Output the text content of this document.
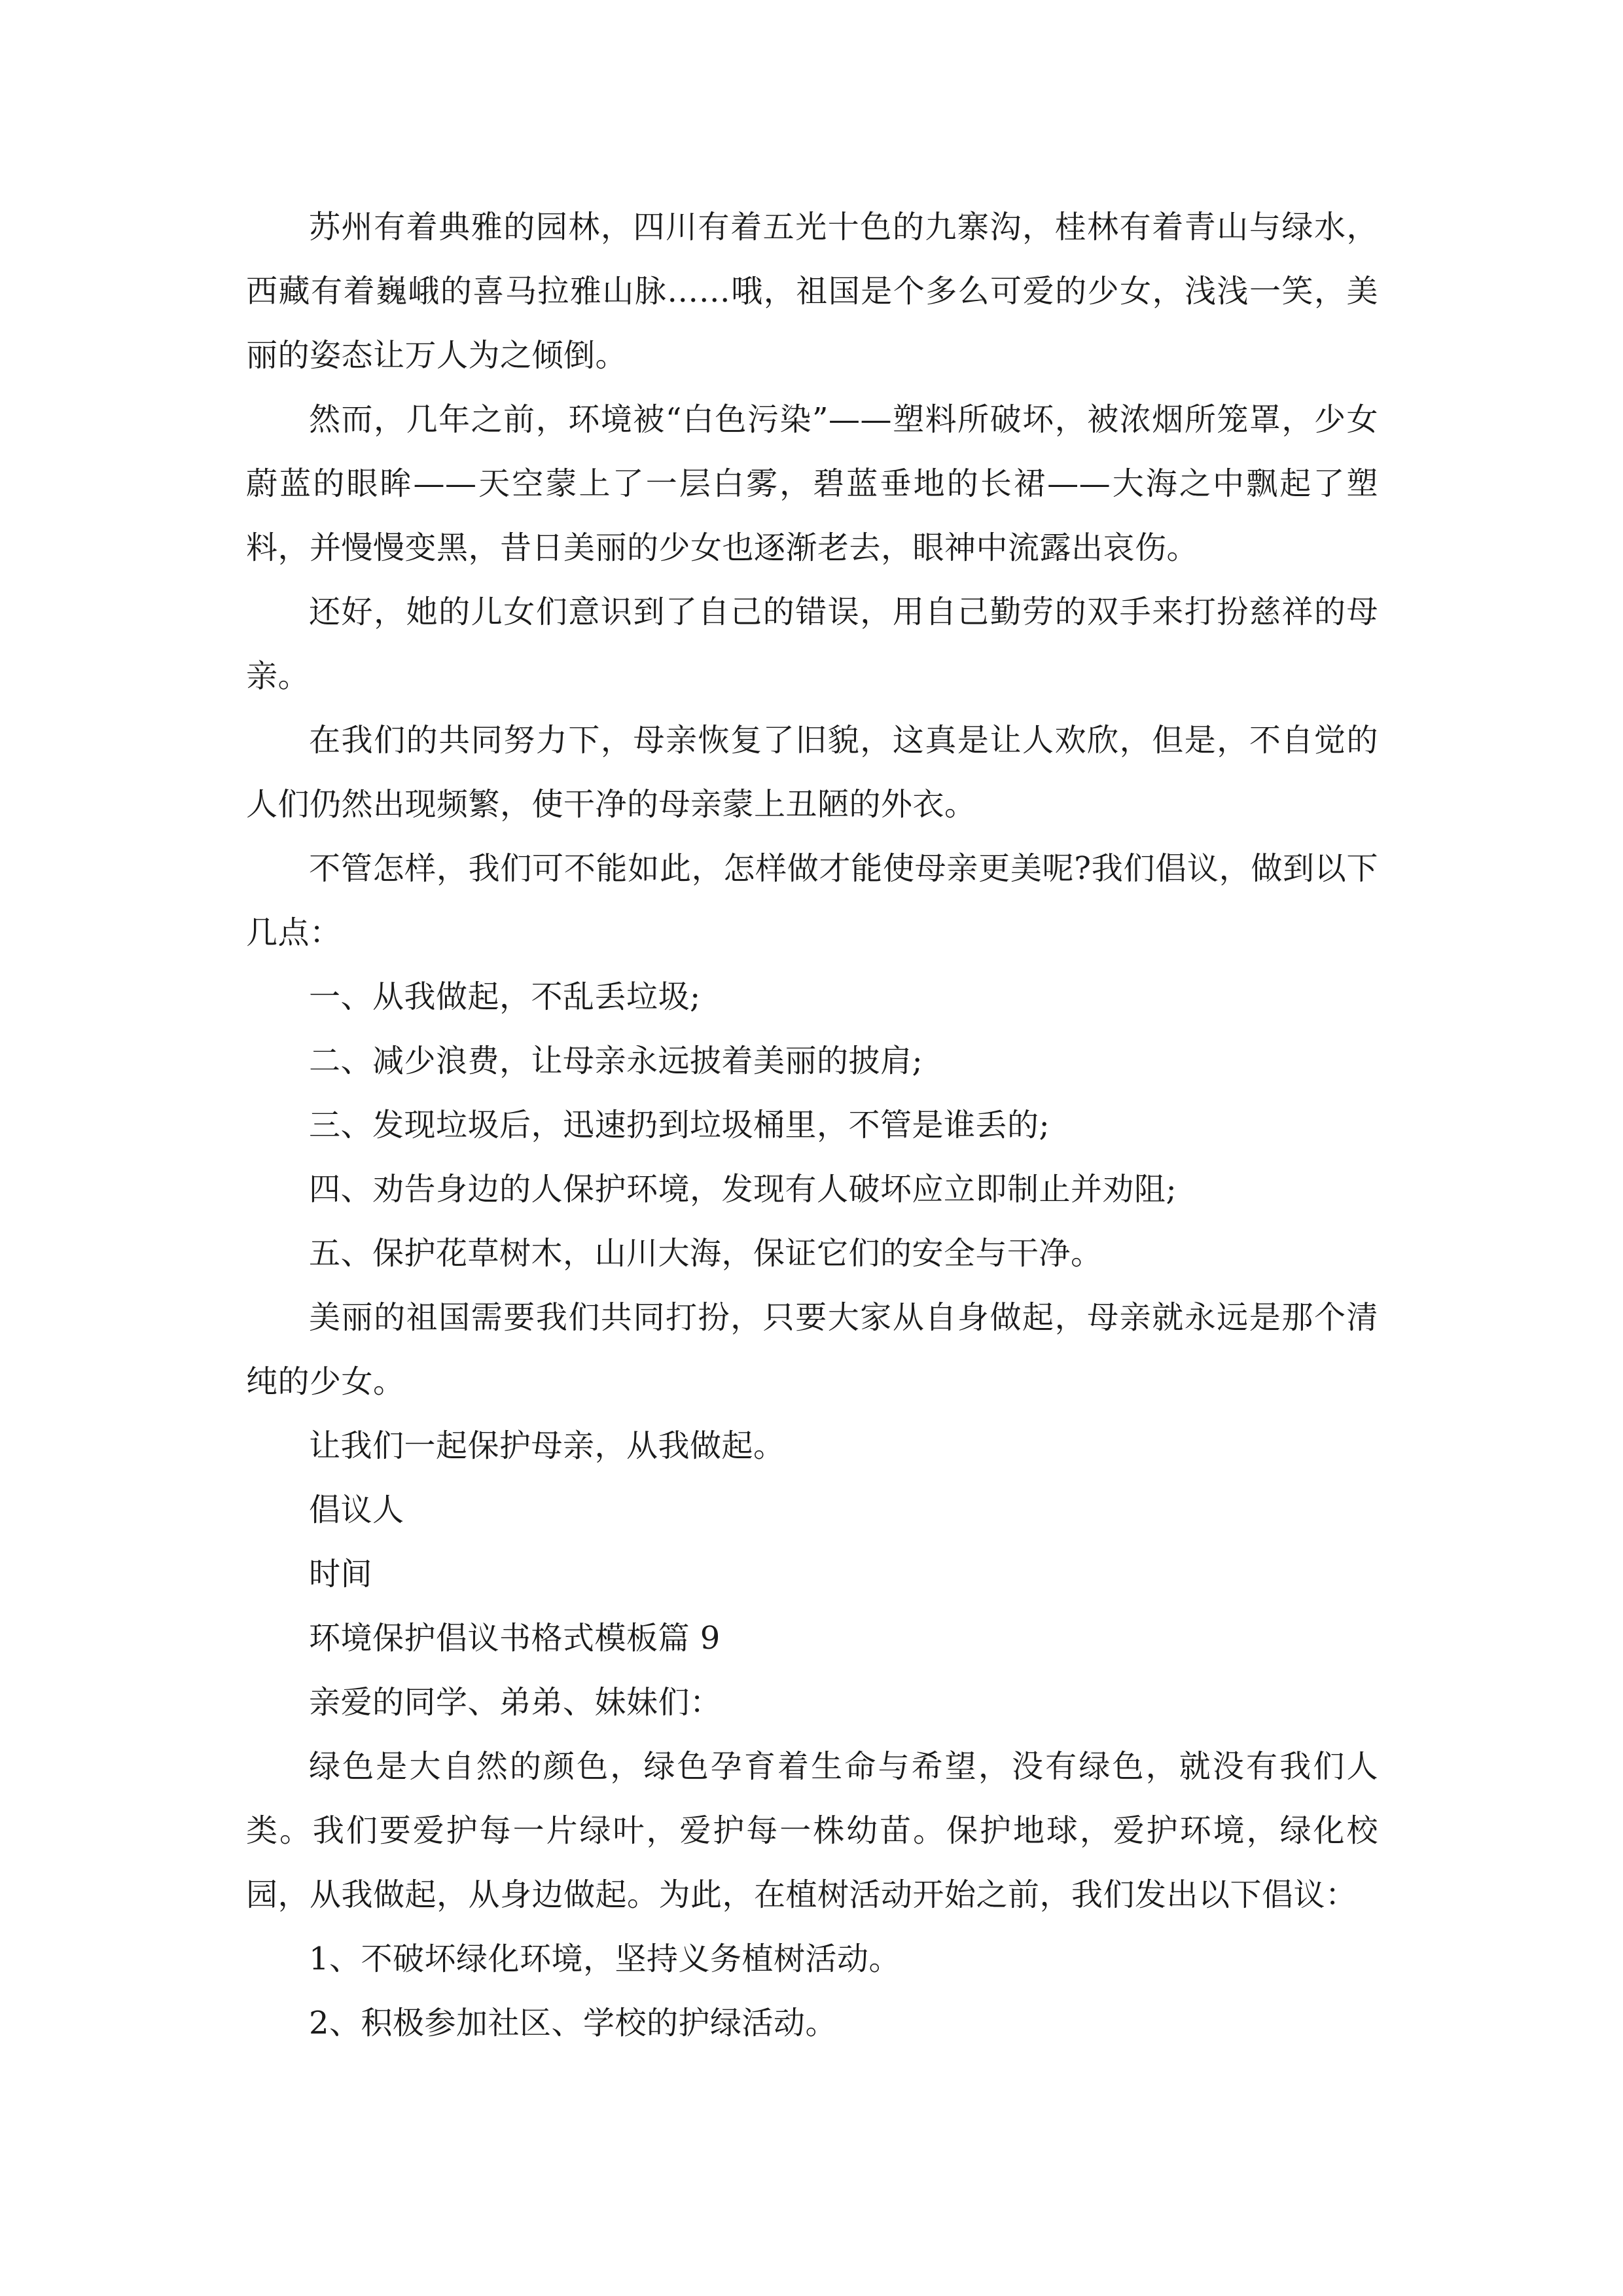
苏州有着典雅的园林，四川有着五光十色的九寨沟，桂林有着青山与绿水，西藏有着巍峨的喜马拉雅山脉……哦，祖国是个多么可爱的少女，浅浅一笑，美丽的姿态让万人为之倾倒。

然而，几年之前，环境被“白色污染”——塑料所破坏，被浓烟所笼罩，少女蔚蓝的眼眸——天空蒙上了一层白雾，碧蓝垂地的长裙——大海之中飘起了塑料，并慢慢变黑，昔日美丽的少女也逐渐老去，眼神中流露出哀伤。

还好，她的儿女们意识到了自己的错误，用自己勤劳的双手来打扮慈祥的母亲。

在我们的共同努力下，母亲恢复了旧貌，这真是让人欢欣，但是，不自觉的人们仍然出现频繁，使干净的母亲蒙上丑陋的外衣。

不管怎样，我们可不能如此，怎样做才能使母亲更美呢?我们倡议，做到以下几点：

一、从我做起，不乱丢垃圾;

二、减少浪费，让母亲永远披着美丽的披肩;

三、发现垃圾后，迅速扔到垃圾桶里，不管是谁丢的;

四、劝告身边的人保护环境，发现有人破坏应立即制止并劝阻;

五、保护花草树木，山川大海，保证它们的安全与干净。

美丽的祖国需要我们共同打扮，只要大家从自身做起，母亲就永远是那个清纯的少女。

让我们一起保护母亲，从我做起。

倡议人

时间

环境保护倡议书格式模板篇 9

亲爱的同学、弟弟、妹妹们：

绿色是大自然的颜色，绿色孕育着生命与希望，没有绿色，就没有我们人类。我们要爱护每一片绿叶，爱护每一株幼苗。保护地球，爱护环境，绿化校园，从我做起，从身边做起。为此，在植树活动开始之前，我们发出以下倡议：

1、不破坏绿化环境，坚持义务植树活动。

2、积极参加社区、学校的护绿活动。
